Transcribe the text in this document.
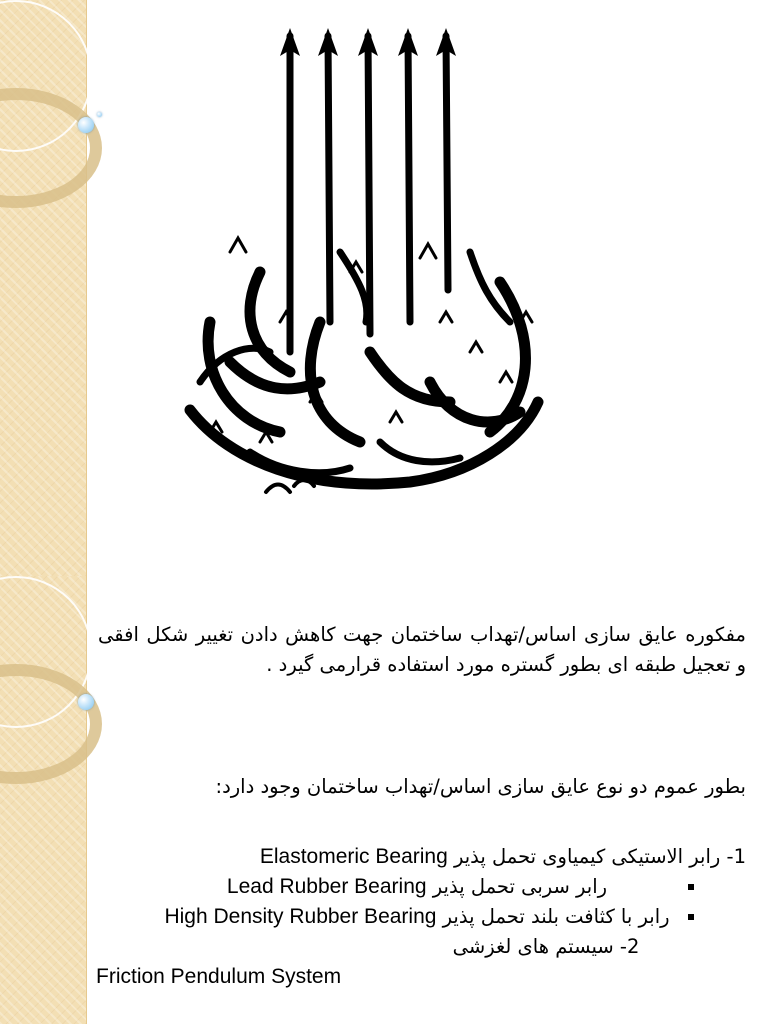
مفکوره عایق سازی اساس/تهداب ساختمان جهت کاهش دادن تغییر شکل افقی و تعجیل طبقه ای بطور گستره مورد استفاده قرارمی گیرد .
بطور عموم دو نوع عایق سازی اساس/تهداب ساختمان وجود دارد:
1- رابر الاستیکی کیمیاوی تحمل پذیر Elastomeric Bearing
رابر سربی تحمل پذیر Lead Rubber Bearing
رابر با کثافت بلند تحمل پذیر High Density Rubber Bearing
2- سیستم های لغزشی
Friction Pendulum System
